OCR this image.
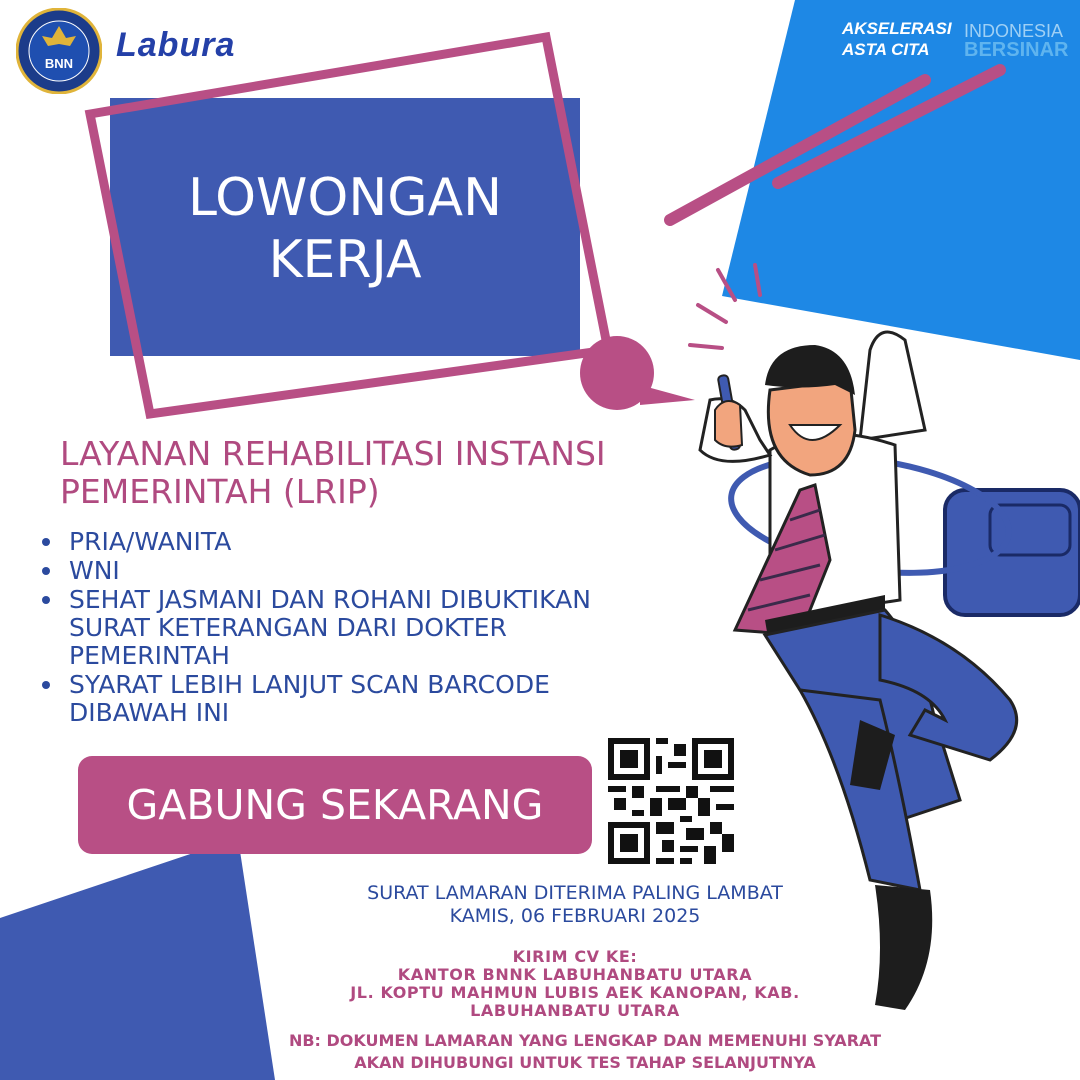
BNN	Labura	AKSELERASI
ASTA CITA
INDONESIA
BERSINAR
LOWONGAN
KERJA
LAYANAN REHABILITASI INSTANSI
PEMERINTAH (LRIP)
PRIA/WANITA
WNI
SEHAT JASMANI DAN ROHANI DIBUKTIKAN SURAT KETERANGAN DARI DOKTER PEMERINTAH
SYARAT LEBIH LANJUT SCAN BARCODE DIBAWAH INI
GABUNG SEKARANG
SURAT LAMARAN DITERIMA PALING LAMBAT
KAMIS, 06 FEBRUARI 2025
KIRIM CV KE:
KANTOR BNNK LABUHANBATU UTARA
JL. KOPTU MAHMUN LUBIS AEK KANOPAN, KAB.
LABUHANBATU UTARA
NB: DOKUMEN LAMARAN YANG LENGKAP DAN MEMENUHI SYARAT
AKAN DIHUBUNGI UNTUK TES TAHAP SELANJUTNYA
